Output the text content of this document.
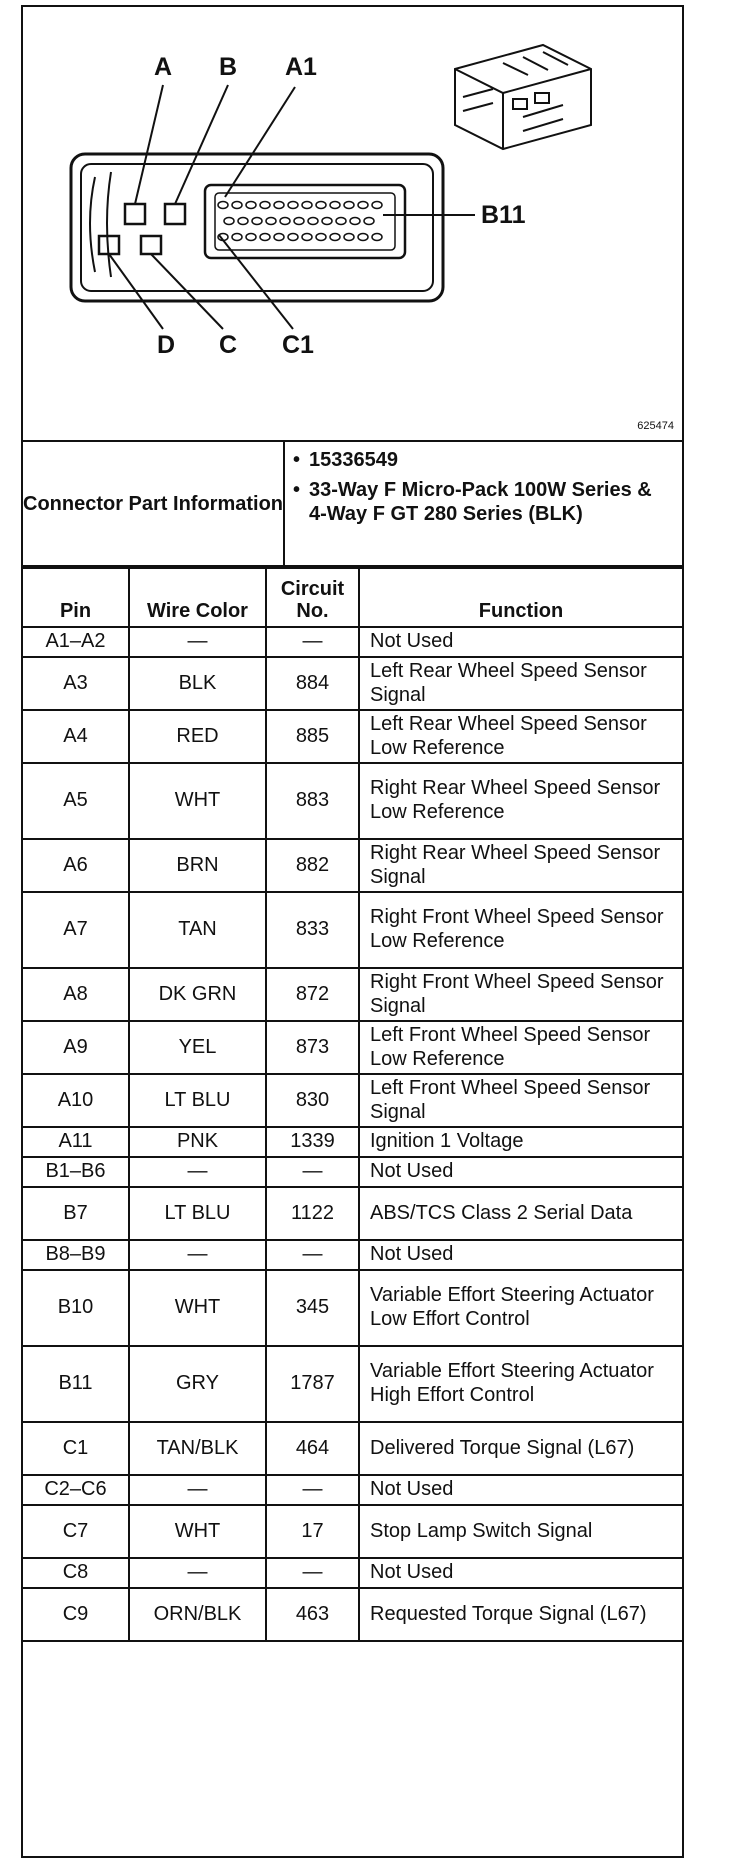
A B A1
B11
D C C1
625474
Connector Part Information
• 15336549
• 33-Way F Micro-Pack 100W Series & 4-Way F GT 280 Series (BLK)
Pin	Wire Color	Circuit No.	Function
A1–A2	—	—	Not Used
A3	BLK	884	Left Rear Wheel Speed Sensor Signal
A4	RED	885	Left Rear Wheel Speed Sensor Low Reference
A5	WHT	883	Right Rear Wheel Speed Sensor Low Reference
A6	BRN	882	Right Rear Wheel Speed Sensor Signal
A7	TAN	833	Right Front Wheel Speed Sensor Low Reference
A8	DK GRN	872	Right Front Wheel Speed Sensor Signal
A9	YEL	873	Left Front Wheel Speed Sensor Low Reference
A10	LT BLU	830	Left Front Wheel Speed Sensor Signal
A11	PNK	1339	Ignition 1 Voltage
B1–B6	—	—	Not Used
B7	LT BLU	1122	ABS/TCS Class 2 Serial Data
B8–B9	—	—	Not Used
B10	WHT	345	Variable Effort Steering Actuator Low Effort Control
B11	GRY	1787	Variable Effort Steering Actuator High Effort Control
C1	TAN/BLK	464	Delivered Torque Signal (L67)
C2–C6	—	—	Not Used
C7	WHT	17	Stop Lamp Switch Signal
C8	—	—	Not Used
C9	ORN/BLK	463	Requested Torque Signal (L67)
